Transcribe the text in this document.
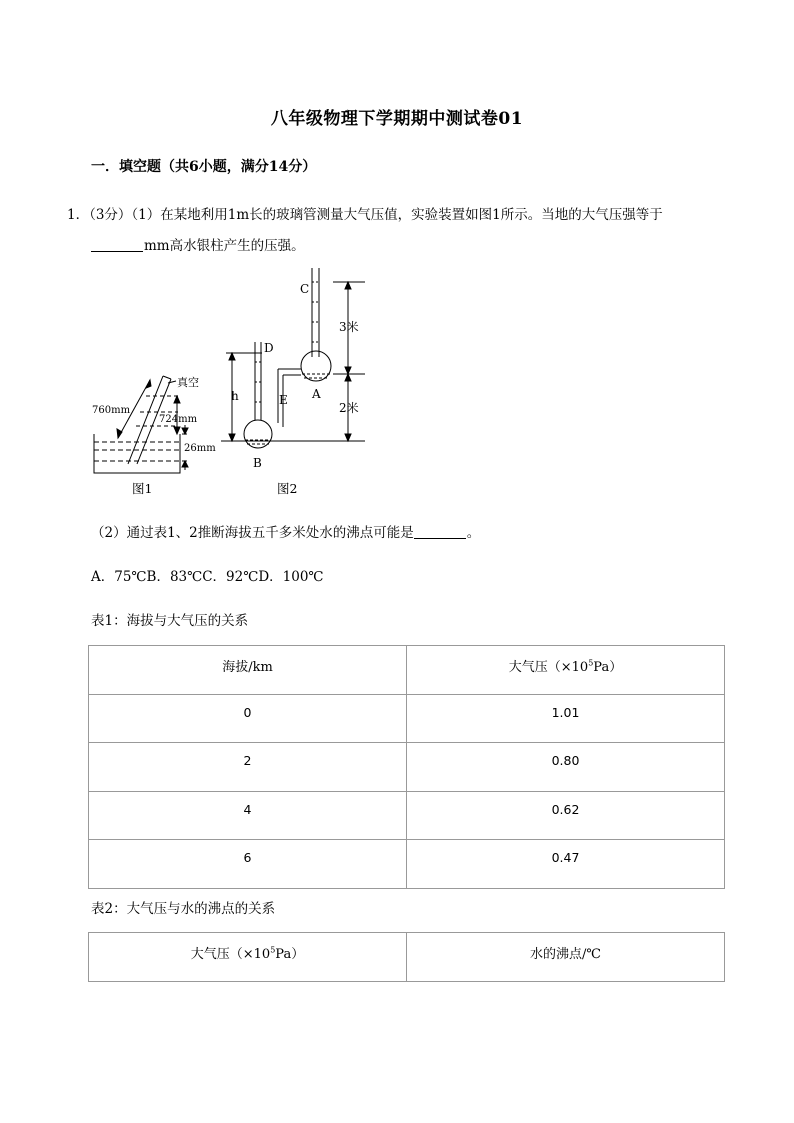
八年级物理下学期期中测试卷01
一．填空题（共6小题，满分14分）
1．（3分）（1）在某地利用1m长的玻璃管测量大气压值，实验装置如图1所示。当地的大气压强等于
mm高水银柱产生的压强。
真空
760mm
724mm
26mm
图1
C
D
E A
B
h
3米
2米
图2
（2）通过表1、2推断海拔五千多米处水的沸点可能是	。
A．75℃B．83℃C．92℃D．100℃
表1：海拔与大气压的关系
海拔/km	大气压$(\times 10^5Pa)$
0	1.01
2	0.80
4	0.62
6	0.47
表2：大气压与水的沸点的关系
大气压$(\times 10^5Pa)$	水的沸点/℃
